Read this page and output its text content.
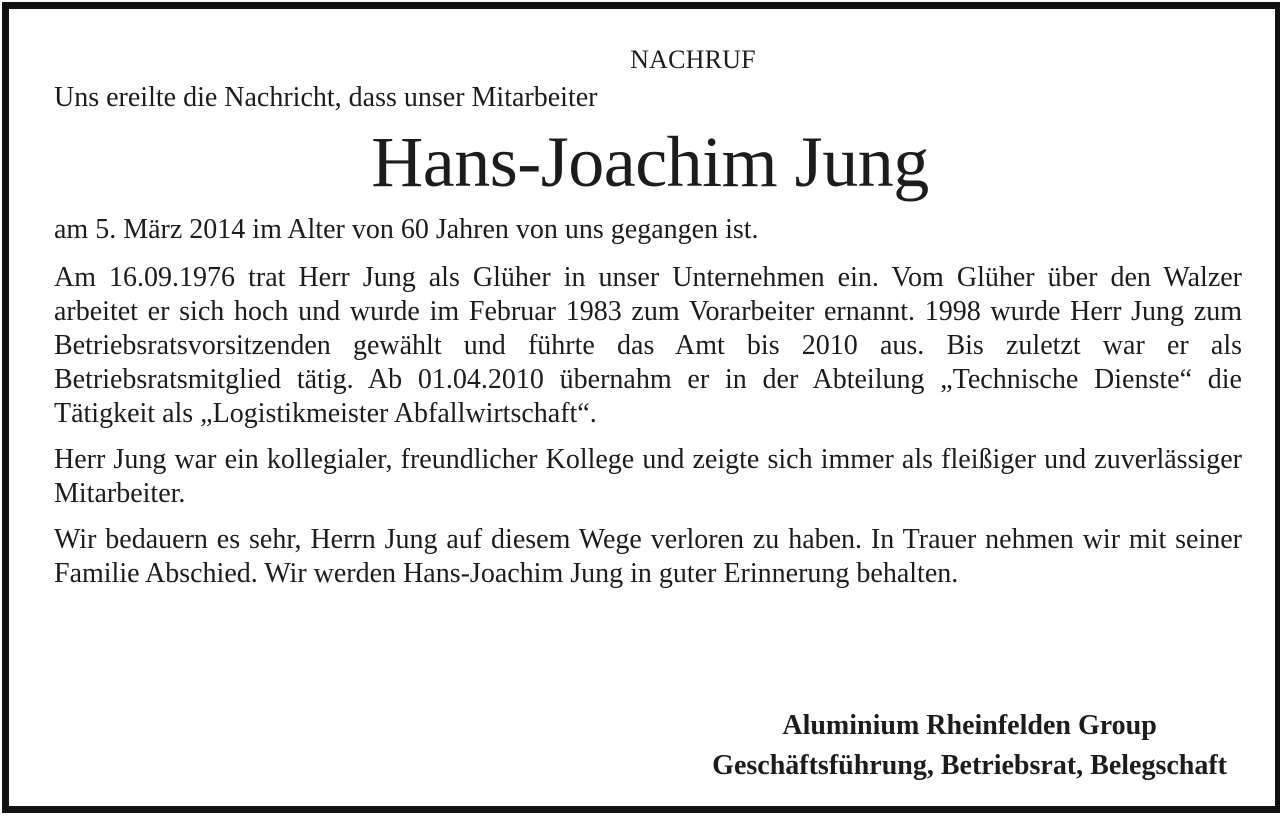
NACHRUF

Uns ereilte die Nachricht, dass unser Mitarbeiter

Hans-Joachim Jung

am 5. März 2014 im Alter von 60 Jahren von uns gegangen ist.

Am 16.09.1976 trat Herr Jung als Glüher in unser Unternehmen ein. Vom Glüher über den Walzer arbeitet er sich hoch und wurde im Februar 1983 zum Vorarbeiter ernannt. 1998 wurde Herr Jung zum Betriebsratsvorsitzenden gewählt und führte das Amt bis 2010 aus. Bis zuletzt war er als Betriebsratsmitglied tätig. Ab 01.04.2010 übernahm er in der Abteilung „Technische Dienste“ die Tätigkeit als „Logistikmeister Abfallwirtschaft“.

Herr Jung war ein kollegialer, freundlicher Kollege und zeigte sich immer als fleißiger und zuverlässiger Mitarbeiter.

Wir bedauern es sehr, Herrn Jung auf diesem Wege verloren zu haben. In Trauer nehmen wir mit seiner Familie Abschied. Wir werden Hans-Joachim Jung in guter Erinnerung behalten.

Aluminium Rheinfelden Group
Geschäftsführung, Betriebsrat, Belegschaft
